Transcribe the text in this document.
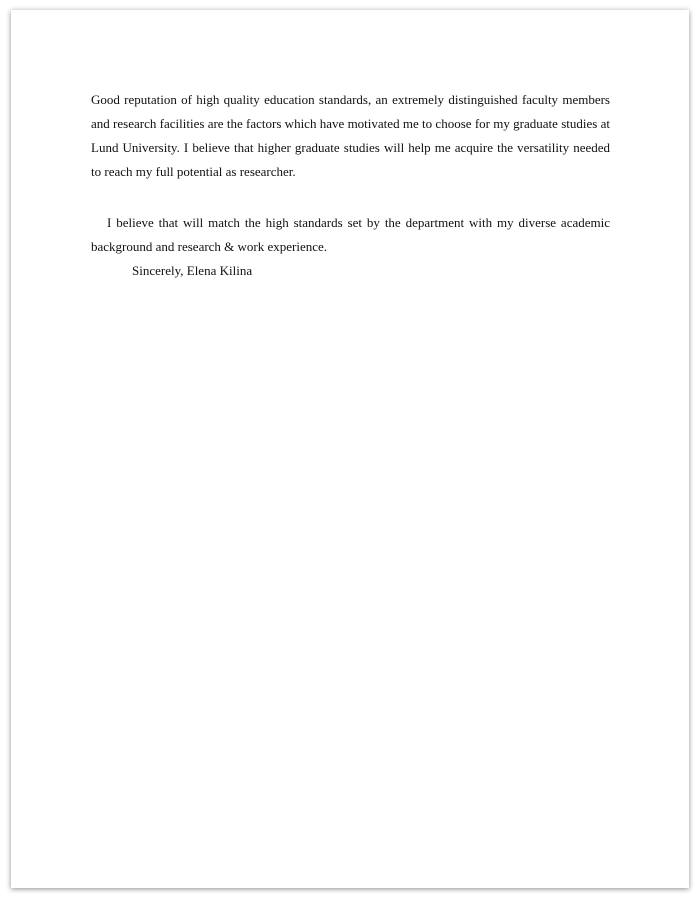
Good reputation of high quality education standards, an extremely distinguished faculty members and research facilities are the factors which have motivated me to choose for my graduate studies at Lund University. I believe that higher graduate studies will help me acquire the versatility needed to reach my full potential as researcher.

I believe that will match the high standards set by the department with my diverse academic background and research & work experience.

Sincerely, Elena Kilina
